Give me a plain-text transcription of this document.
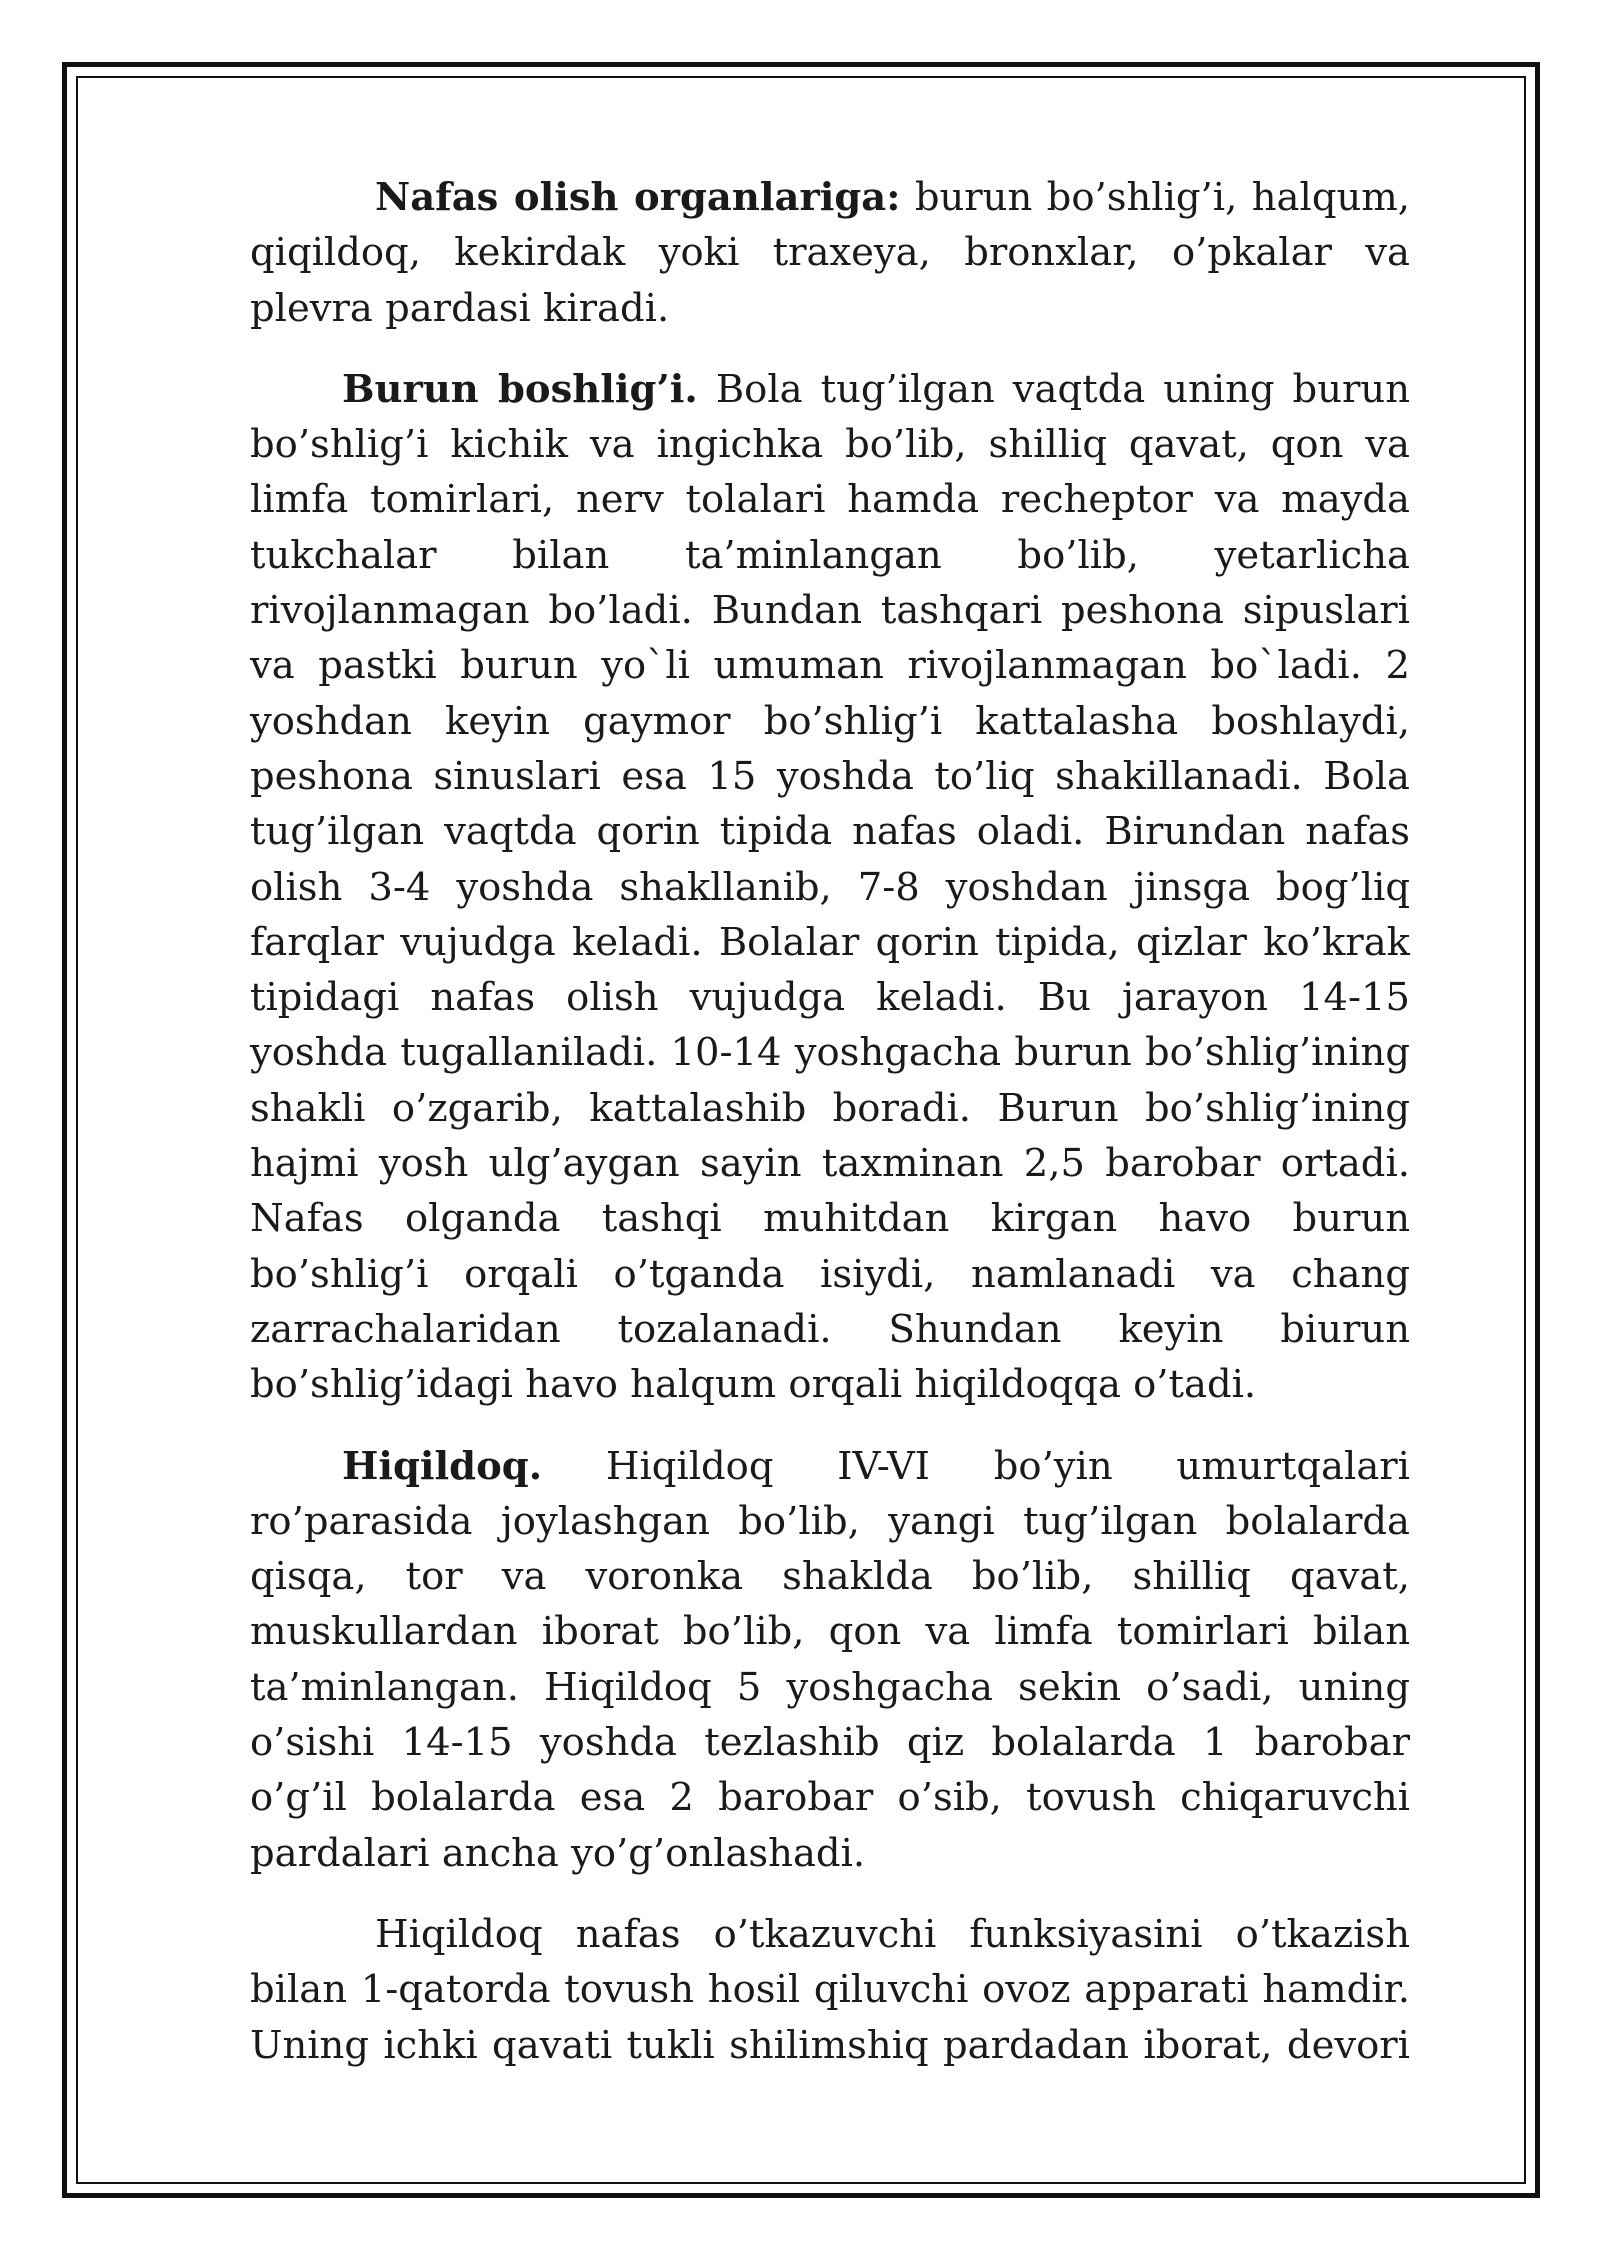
Nafas olish organlariga: burun bo’shlig’i, halqum, qiqildoq, kekirdak yoki traxeya, bronxlar, o’pkalar va plevra pardasi kiradi.

Burun boshlig’i. Bola tug’ilgan vaqtda uning burun bo’shlig’i kichik va ingichka bo’lib, shilliq qavat, qon va limfa tomirlari, nerv tolalari hamda recheptor va mayda tukchalar bilan ta’minlangan bo’lib, yetarlicha rivojlanmagan bo’ladi. Bundan tashqari peshona sipuslari va pastki burun yo`li umuman rivojlanmagan bo`ladi. 2 yoshdan keyin gaymor bo’shlig’i kattalasha boshlaydi, peshona sinuslari esa 15 yoshda to’liq shakillanadi. Bola tug’ilgan vaqtda qorin tipida nafas oladi. Birundan nafas olish 3-4 yoshda shakllanib, 7-8 yoshdan jinsga bog’liq farqlar vujudga keladi. Bolalar qorin tipida, qizlar ko’krak tipidagi nafas olish vujudga keladi. Bu jarayon 14-15 yoshda tugallaniladi. 10-14 yoshgacha burun bo’shlig’ining shakli o’zgarib, kattalashib boradi. Burun bo’shlig’ining hajmi yosh ulg’aygan sayin taxminan 2,5 barobar ortadi. Nafas olganda tashqi muhitdan kirgan havo burun bo’shlig’i orqali o’tganda isiydi, namlanadi va chang zarrachalaridan tozalanadi. Shundan keyin biurun bo’shlig’idagi havo halqum orqali hiqildoqqa o’tadi.

Hiqildoq. Hiqildoq IV-VI bo’yin umurtqalari ro’parasida joylashgan bo’lib, yangi tug’ilgan bolalarda qisqa, tor va voronka shakldа bo’lib, shilliq qavat, muskullardan iborat bo’lib, qon va limfa tomirlari bilan ta’minlangan. Hiqildoq 5 yoshgacha sekin o’sadi, uning o’sishi 14-15 yoshda tezlashib qiz bolalarda 1 barobar o’g’il bolalarda esa 2 barobar o’sib, tovush chiqaruvchi pardalari ancha yo’g’onlashadi.

Hiqildoq nafas o’tkazuvchi funksiyasini o’tkazish bilan 1-qatorda tovush hosil qiluvchi ovoz apparati hamdir. Uning ichki qavati tukli shilimshiq pardadan iborat, devori
